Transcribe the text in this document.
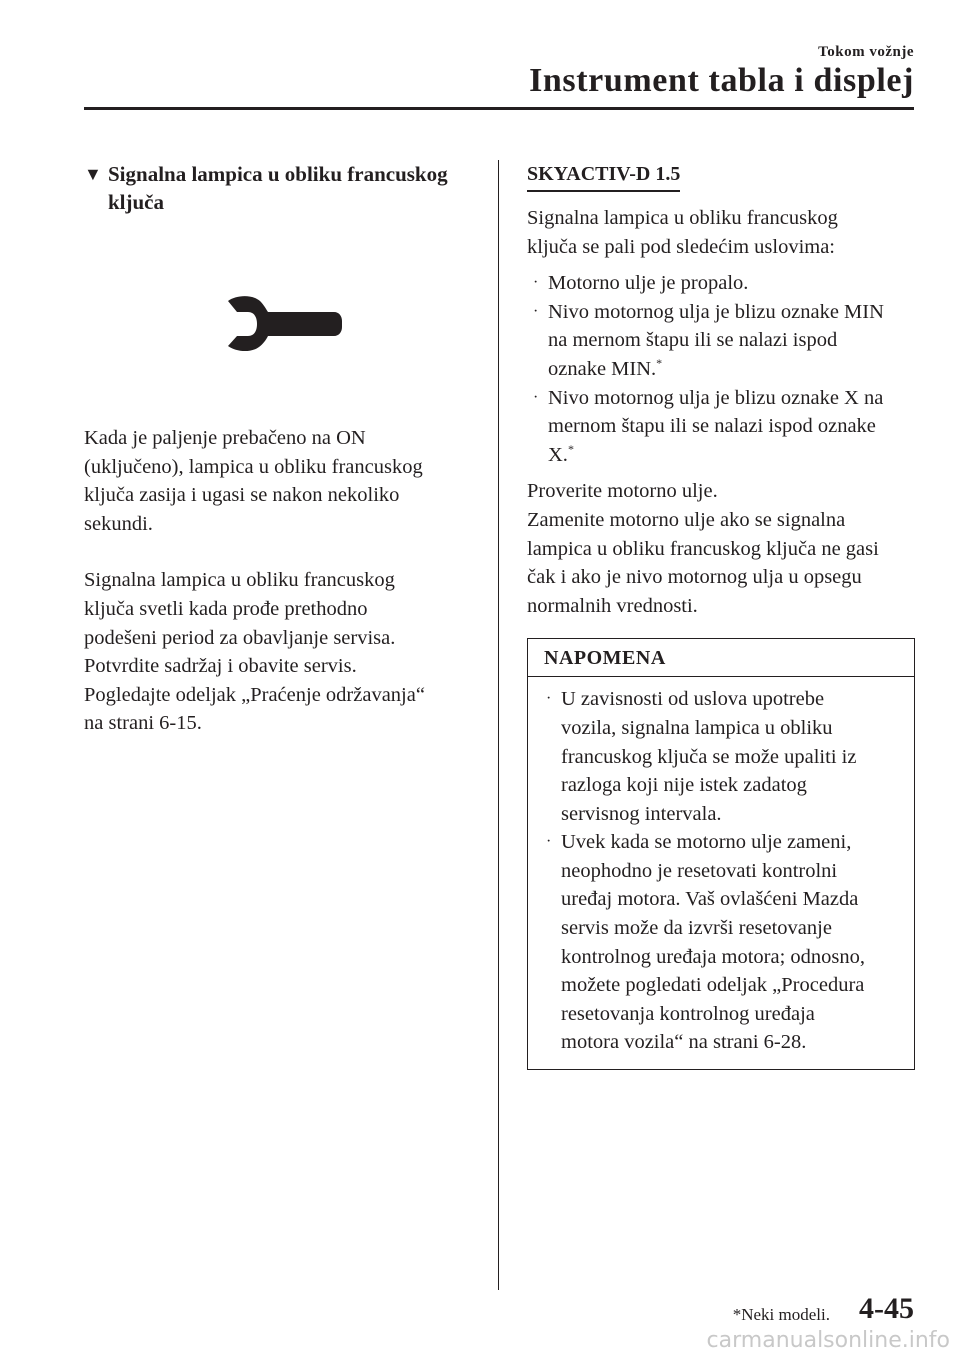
Tokom vožnje
Instrument tabla i displej
▼ Signalna lampica u obliku francuskog ključa
Kada je paljenje prebačeno na ON
(uključeno), lampica u obliku francuskog
ključa zasija i ugasi se nakon nekoliko
sekundi.
Signalna lampica u obliku francuskog
ključa svetli kada prođe prethodno
podešeni period za obavljanje servisa.
Potvrdite sadržaj i obavite servis.
Pogledajte odeljak „Praćenje održavanja“
na strani 6-15.
SKYACTIV-D 1.5
Signalna lampica u obliku francuskog
ključa se pali pod sledećim uslovima:
· Motorno ulje je propalo.
· Nivo motornog ulja je blizu oznake MIN
na mernom štapu ili se nalazi ispod
oznake MIN.*
· Nivo motornog ulja je blizu oznake X na
mernom štapu ili se nalazi ispod oznake
X.*
Proverite motorno ulje.
Zamenite motorno ulje ako se signalna
lampica u obliku francuskog ključa ne gasi
čak i ako je nivo motornog ulja u opsegu
normalnih vrednosti.
NAPOMENA
· U zavisnosti od uslova upotrebe
vozila, signalna lampica u obliku
francuskog ključa se može upaliti iz
razloga koji nije istek zadatog
servisnog intervala.
· Uvek kada se motorno ulje zameni,
neophodno je resetovati kontrolni
uređaj motora. Vaš ovlašćeni Mazda
servis može da izvrši resetovanje
kontrolnog uređaja motora; odnosno,
možete pogledati odeljak „Procedura
resetovanja kontrolnog uređaja
motora vozila“ na strani 6-28.
*Neki modeli. 4-45
carmanualsonline.info
